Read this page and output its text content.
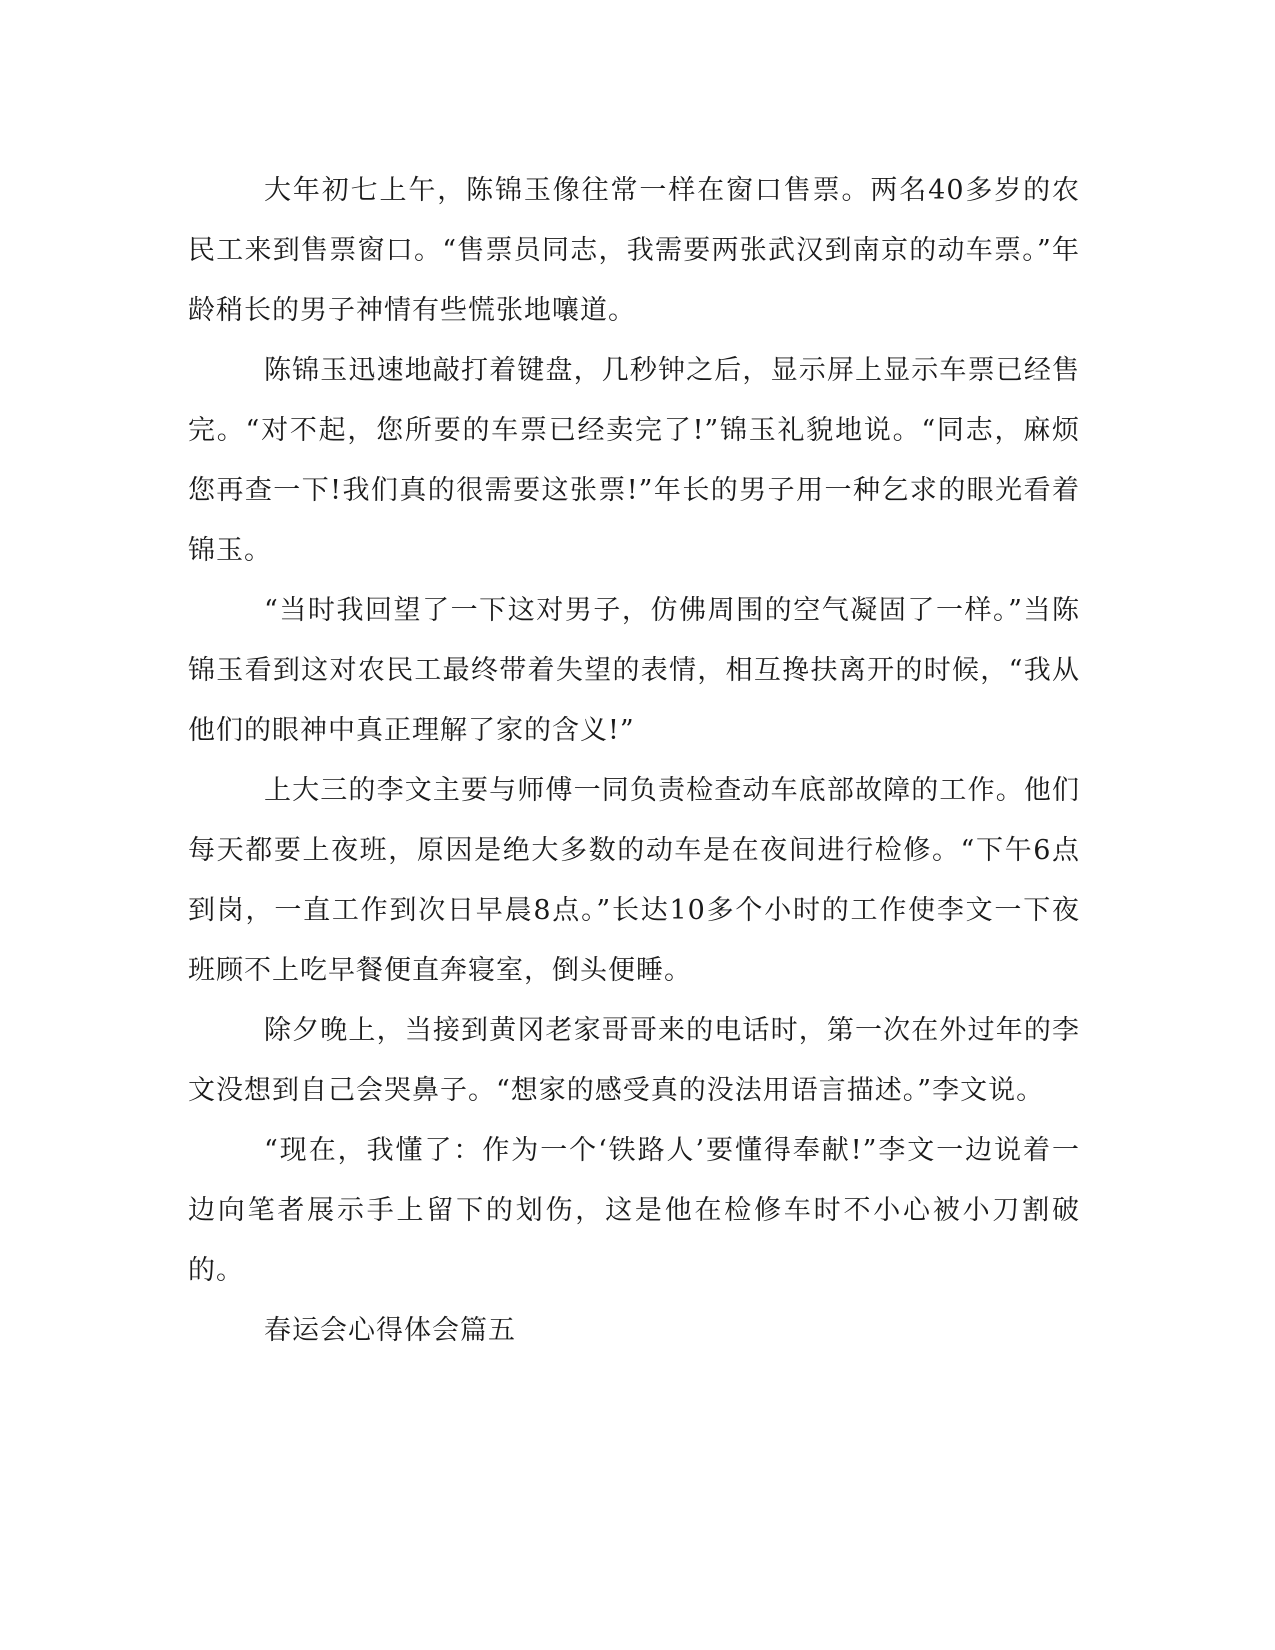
大年初七上午，陈锦玉像往常一样在窗口售票。两名40多岁的农民工来到售票窗口。“售票员同志，我需要两张武汉到南京的动车票。”年龄稍长的男子神情有些慌张地嚷道。

陈锦玉迅速地敲打着键盘，几秒钟之后，显示屏上显示车票已经售完。“对不起，您所要的车票已经卖完了!”锦玉礼貌地说。“同志，麻烦您再查一下!我们真的很需要这张票!”年长的男子用一种乞求的眼光看着锦玉。

“当时我回望了一下这对男子，仿佛周围的空气凝固了一样。”当陈锦玉看到这对农民工最终带着失望的表情，相互搀扶离开的时候，“我从他们的眼神中真正理解了家的含义!”

上大三的李文主要与师傅一同负责检查动车底部故障的工作。他们每天都要上夜班，原因是绝大多数的动车是在夜间进行检修。“下午6点到岗，一直工作到次日早晨8点。”长达10多个小时的工作使李文一下夜班顾不上吃早餐便直奔寝室，倒头便睡。

除夕晚上，当接到黄冈老家哥哥来的电话时，第一次在外过年的李文没想到自己会哭鼻子。“想家的感受真的没法用语言描述。”李文说。

“现在，我懂了：作为一个‘铁路人’要懂得奉献!”李文一边说着一边向笔者展示手上留下的划伤，这是他在检修车时不小心被小刀割破的。

春运会心得体会篇五
